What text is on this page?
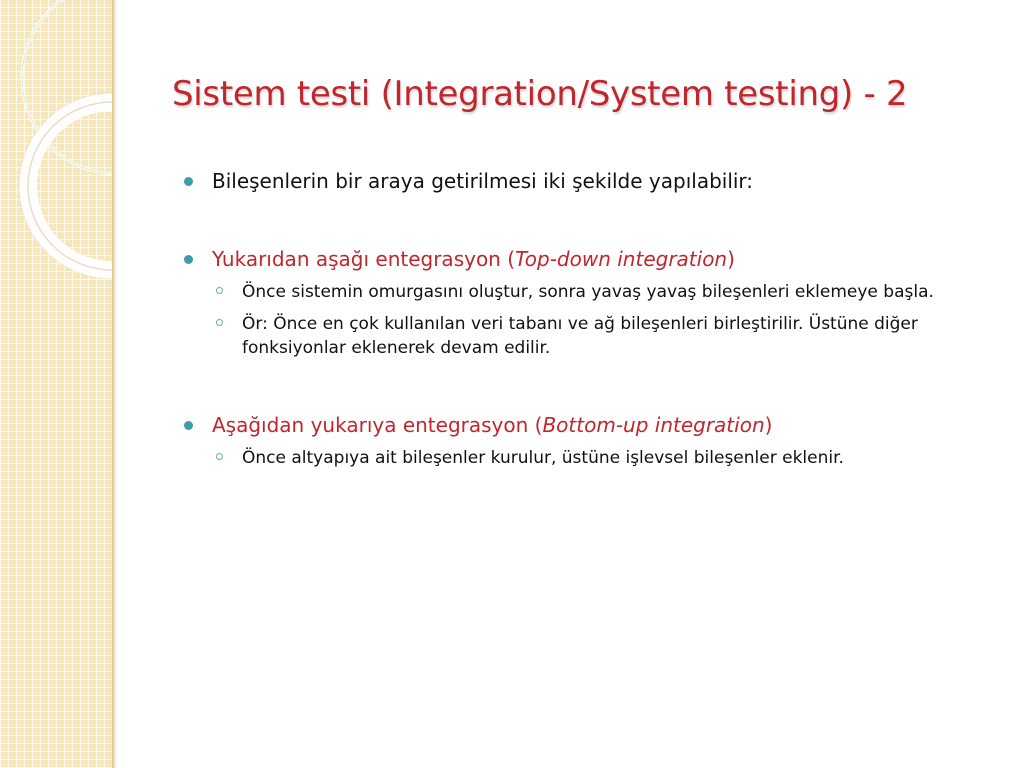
Sistem testi (Integration/System testing) - 2
Bileşenlerin bir araya getirilmesi iki şekilde yapılabilir:
Yukarıdan aşağı entegrasyon (Top-down integration)
Önce sistemin omurgasını oluştur, sonra yavaş yavaş bileşenleri eklemeye başla.
Ör: Önce en çok kullanılan veri tabanı ve ağ bileşenleri birleştirilir. Üstüne diğer fonksiyonlar eklenerek devam edilir.
Aşağıdan yukarıya entegrasyon (Bottom-up integration)
Önce altyapıya ait bileşenler kurulur, üstüne işlevsel bileşenler eklenir.
